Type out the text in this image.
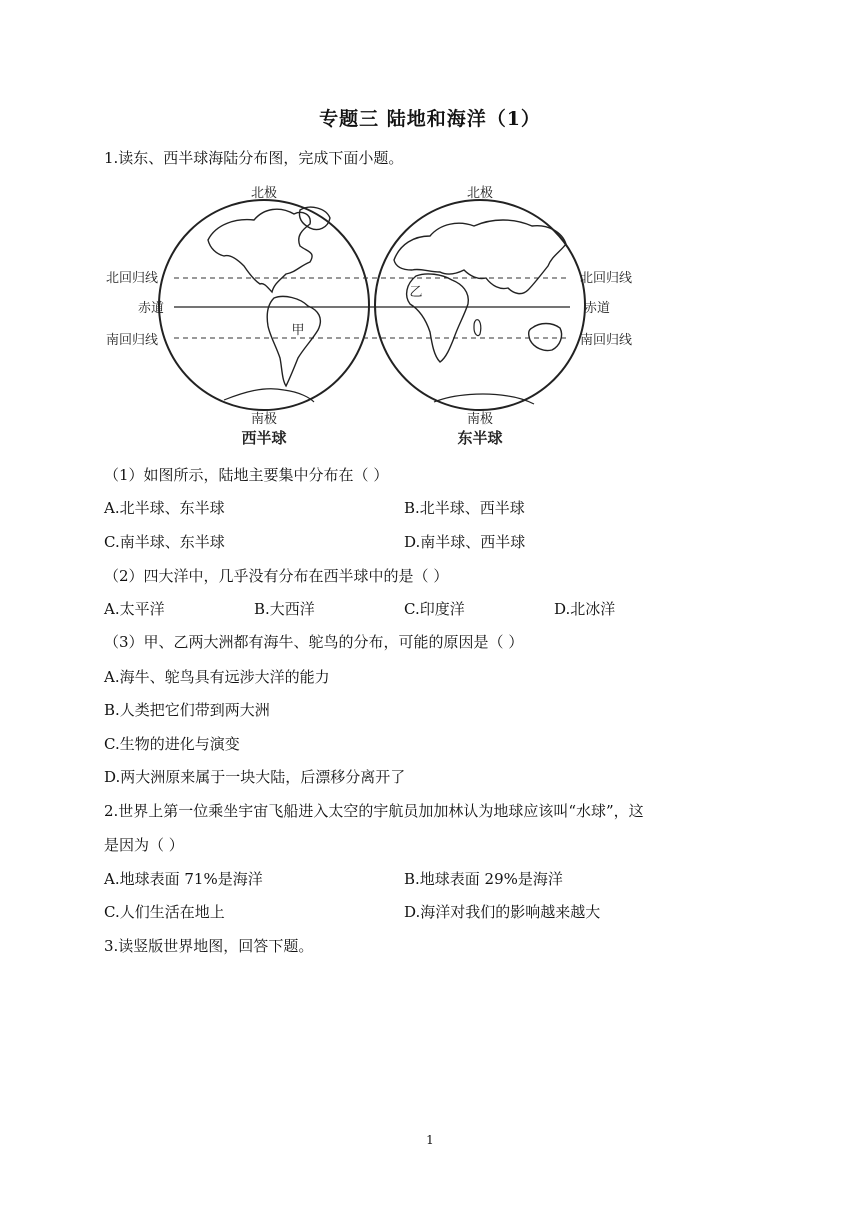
专题三 陆地和海洋（1）
1.读东、西半球海陆分布图，完成下面小题。
北极	北极
南极	南极
西半球	东半球
北回归线
赤道
南回归线
北回归线
赤道
南回归线
甲
乙
（1）如图所示，陆地主要集中分布在（ ）
A.北半球、东半球	B.北半球、西半球
C.南半球、东半球	D.南半球、西半球
（2）四大洋中，几乎没有分布在西半球中的是（ ）
A.太平洋	B.大西洋	C.印度洋	D.北冰洋
（3）甲、乙两大洲都有海牛、鸵鸟的分布，可能的原因是（ ）
A.海牛、鸵鸟具有远涉大洋的能力
B.人类把它们带到两大洲
C.生物的进化与演变
D.两大洲原来属于一块大陆，后漂移分离开了
2.世界上第一位乘坐宇宙飞船进入太空的宇航员加加林认为地球应该叫“水球”，这
是因为（ ）
A.地球表面 71%是海洋	B.地球表面 29%是海洋
C.人们生活在地上	D.海洋对我们的影响越来越大
3.读竖版世界地图，回答下题。
1
